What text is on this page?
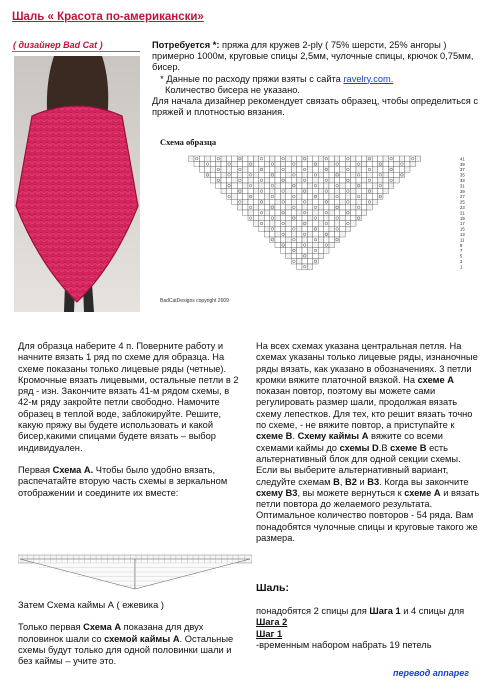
Шаль « Красота по-американски»
( дизайнер Bad Cat )	Потребуется *: пряжа для кружев 2-ply ( 75% шерсти, 25% ангоры ) примерно 1000м, круговые спицы 2,5мм, чулочные спицы, крючок 0,75мм, бисер.

* Данные по расходу пряжи взяты с сайта ravelry.com.

Количество бисера не указано.

Для начала дизайнер рекомендует связать образец, чтобы определиться с пряжей и плотностью вязания.

Схема образца
41
39
37
35
33
31
29
27
25
23
21
19
17
15
13
11
9
7
5
3
1
BadCatDesigns copyright 2009

Для образца наберите 4 п. Поверните работу и начните вязать 1 ряд по схеме для образца. На схеме показаны только лицевые ряды (четные). Кромочные вязать лицевыми, остальные петли в 2 ряд - изн. Закончите вязать 41-м рядом схемы, в 42-м ряду закройте петли свободно. Намочите образец в теплой воде, заблокируйте. Решите, какую пряжу вы будете использовать и какой бисер,какими спицами будете вязать – выбор индивидуален.

Первая Схема А. Чтобы было удобно вязать, распечатайте вторую часть схемы в зеркальном отображении и соедините их вместе:

Затем Схема каймы А ( ежевика )

Только первая Схема А показана для двух половинок шали со схемой каймы А. Остальные схемы будут только для одной половинки шали и без каймы – учите это.

На всех схемах указана центральная петля. На схемах указаны только лицевые ряды, изнаночные ряды вязать, как указано в обозначениях. 3 петли кромки вяжите платочной вязкой. На схеме А показан повтор, поэтому вы можете сами регулировать размер шали, продолжая вязать схему лепестков. Для тех, кто решит вязать точно по схеме, - не вяжите повтор, а приступайте к схеме В. Схему каймы А вяжите со всеми схемами каймы до схемы D.В схеме В есть альтернативный блок для одной секции схемы. Если вы выберите альтернативный вариант, следуйте схемам В, В2 и В3. Когда вы закончите схему В3, вы можете вернуться к схеме А и вязать петли повтора до желаемого результата. Оптимальное количество повторов - 54 ряда. Вам понадобятся чулочные спицы и круговые такого же размера.

Шаль:

понадобятся 2 спицы для Шага 1 и 4 спицы для Шага 2

Шаг 1

-временным набором набрать 19 петель

перевод аnnapег
